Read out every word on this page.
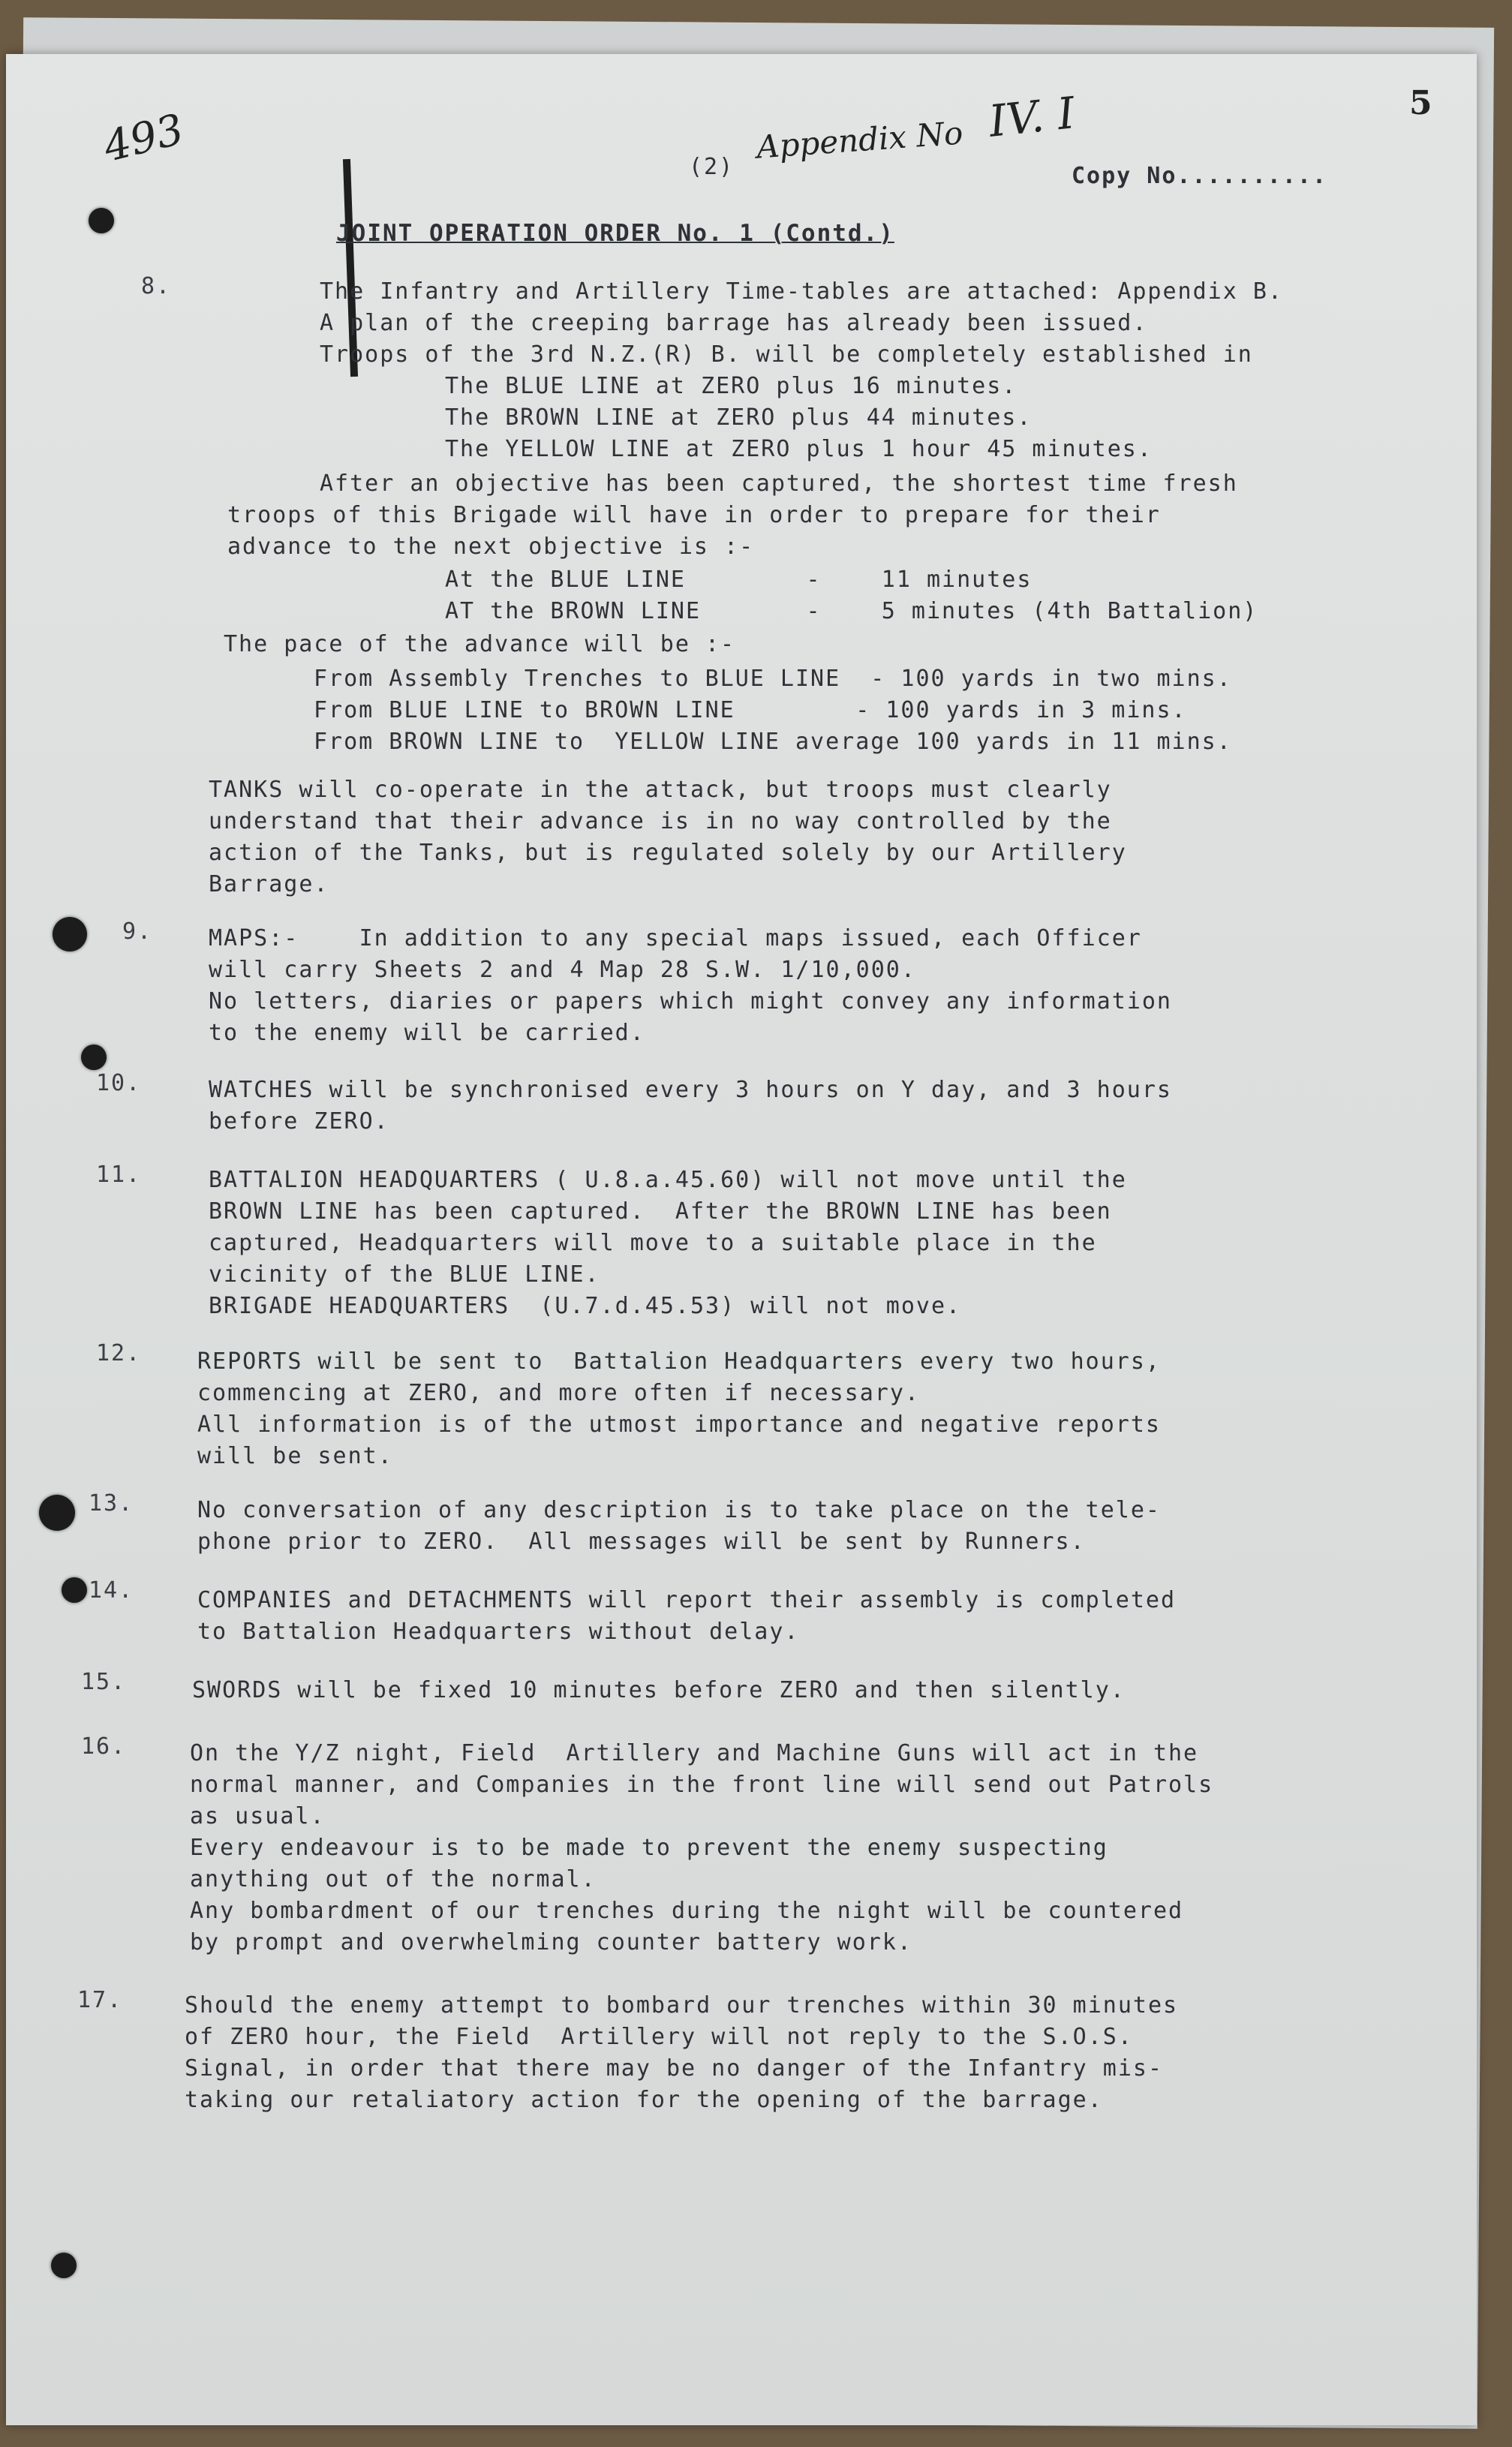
493
5
(2)
Appendix No IV. I
Copy No..........
JOINT OPERATION ORDER No. 1 (Contd.)
8.	The Infantry and Artillery Time-tables are attached: Appendix B.
A plan of the creeping barrage has already been issued.
Troops of the 3rd N.Z.(R) B. will be completely established in
The BLUE LINE at ZERO plus 16 minutes.
The BROWN LINE at ZERO plus 44 minutes.
The YELLOW LINE at ZERO plus 1 hour 45 minutes.
After an objective has been captured, the shortest time fresh
troops of this Brigade will have in order to prepare for their
advance to the next objective is :-
At the BLUE LINE        -    11 minutes
AT the BROWN LINE       -    5 minutes (4th Battalion)
The pace of the advance will be :-
From Assembly Trenches to BLUE LINE  - 100 yards in two mins.
From BLUE LINE to BROWN LINE        - 100 yards in 3 mins.
From BROWN LINE to  YELLOW LINE average 100 yards in 11 mins.
TANKS will co-operate in the attack, but troops must clearly
understand that their advance is in no way controlled by the
action of the Tanks, but is regulated solely by our Artillery
Barrage.
9. MAPS:-    In addition to any special maps issued, each Officer
will carry Sheets 2 and 4 Map 28 S.W. 1/10,000.
No letters, diaries or papers which might convey any information
to the enemy will be carried.
10.	WATCHES will be synchronised every 3 hours on Y day, and 3 hours
before ZERO.
11.	BATTALION HEADQUARTERS ( U.8.a.45.60) will not move until the
BROWN LINE has been captured.  After the BROWN LINE has been
captured, Headquarters will move to a suitable place in the
vicinity of the BLUE LINE.
BRIGADE HEADQUARTERS  (U.7.d.45.53) will not move.
12. REPORTS will be sent to  Battalion Headquarters every two hours,
commencing at ZERO, and more often if necessary.
All information is of the utmost importance and negative reports
will be sent.
13.	No conversation of any description is to take place on the tele-
phone prior to ZERO.  All messages will be sent by Runners.
14.	COMPANIES and DETACHMENTS will report their assembly is completed
to Battalion Headquarters without delay.
15.	SWORDS will be fixed 10 minutes before ZERO and then silently.
16.	On the Y/Z night, Field  Artillery and Machine Guns will act in the
normal manner, and Companies in the front line will send out Patrols
as usual.
Every endeavour is to be made to prevent the enemy suspecting
anything out of the normal.
Any bombardment of our trenches during the night will be countered
by prompt and overwhelming counter battery work.
17.	Should the enemy attempt to bombard our trenches within 30 minutes
of ZERO hour, the Field  Artillery will not reply to the S.O.S.
Signal, in order that there may be no danger of the Infantry mis-
taking our retaliatory action for the opening of the barrage.
